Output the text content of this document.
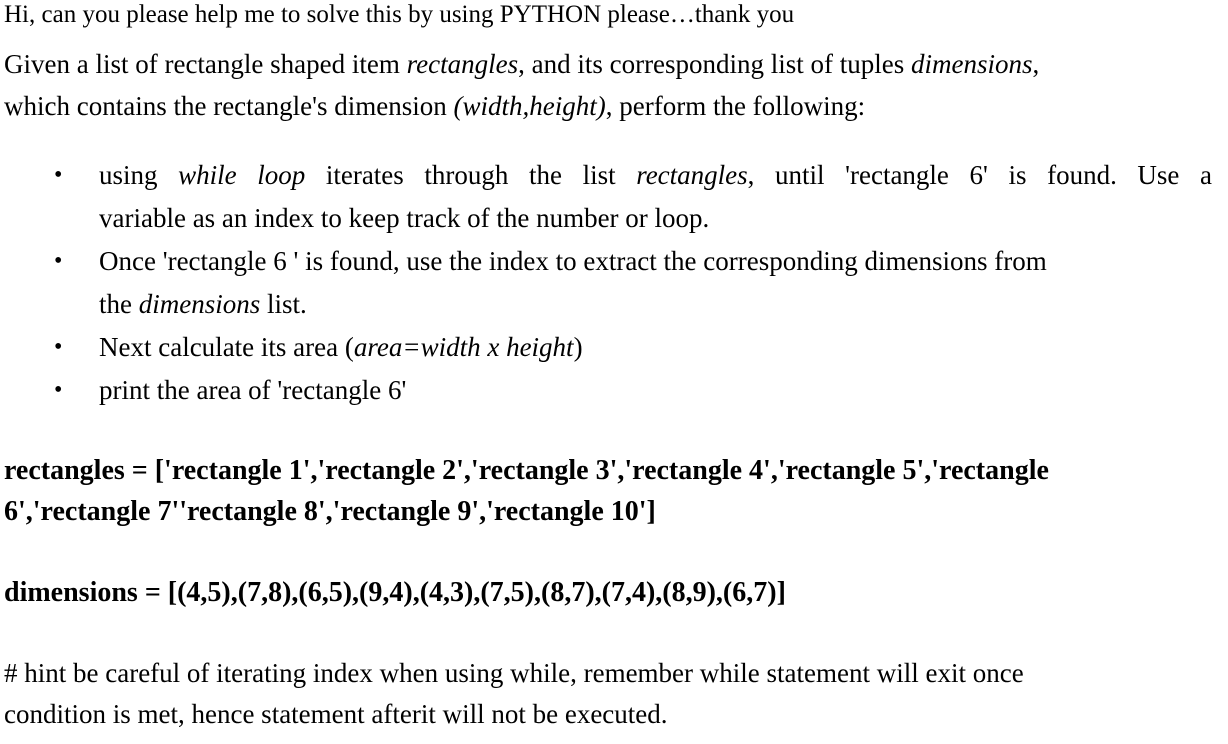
Hi, can you please help me to solve this by using PYTHON please…thank you

Given a list of rectangle shaped item rectangles, and its corresponding list of tuples dimensions,
which contains the rectangle's dimension (width,height), perform the following:
• using while loop iterates through the list rectangles, until 'rectangle 6' is found. Use a
variable as an index to keep track of the number or loop.
• Once 'rectangle 6 ' is found, use the index to extract the corresponding dimensions from
the dimensions list.
• Next calculate its area (area=width x height)
• print the area of 'rectangle 6'
rectangles = ['rectangle 1','rectangle 2','rectangle 3','rectangle 4','rectangle 5','rectangle
6','rectangle 7''rectangle 8','rectangle 9','rectangle 10']
dimensions = [(4,5),(7,8),(6,5),(9,4),(4,3),(7,5),(8,7),(7,4),(8,9),(6,7)]
# hint be careful of iterating index when using while, remember while statement will exit once
condition is met, hence statement afterit will not be executed.
